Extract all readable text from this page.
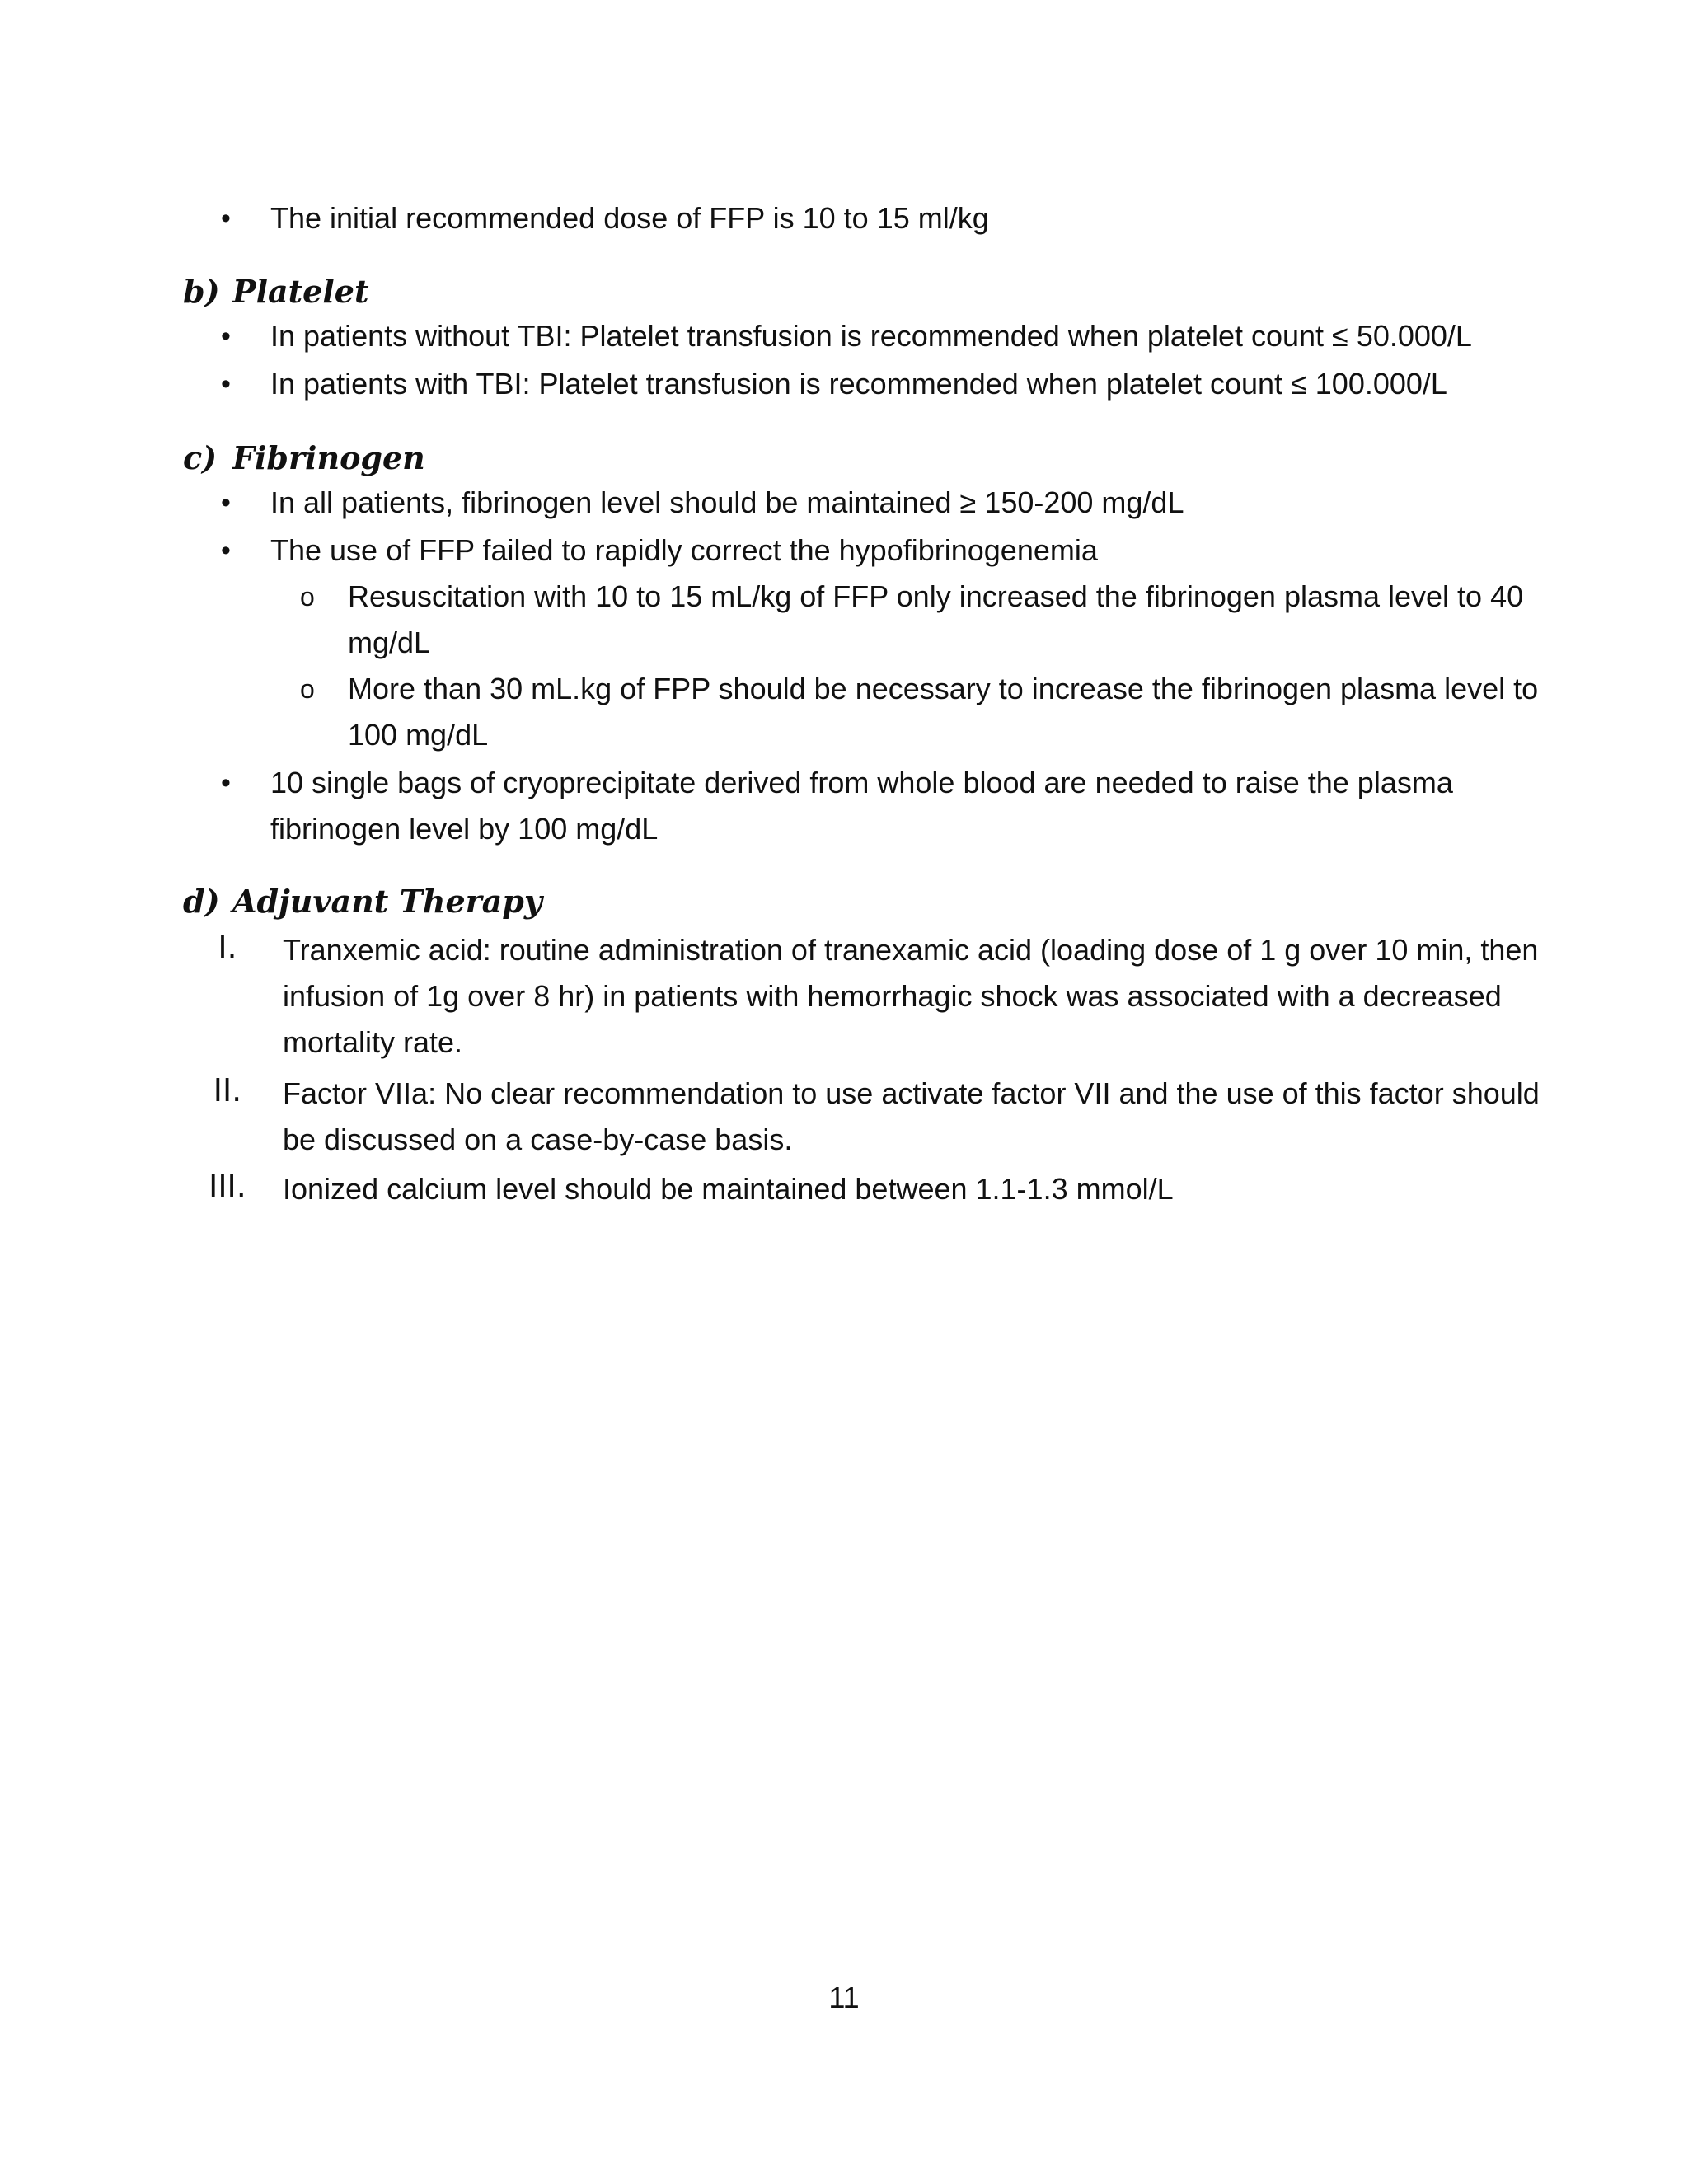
• The initial recommended dose of FFP is 10 to 15 ml/kg
b) Platelet
• In patients without TBI: Platelet transfusion is recommended when platelet count ≤ 50.000/L
• In patients with TBI: Platelet transfusion is recommended when platelet count ≤ 100.000/L
c) Fibrinogen
• In all patients, fibrinogen level should be maintained ≥ 150-200 mg/dL
• The use of FFP failed to rapidly correct the hypofibrinogenemia
o Resuscitation with 10 to 15 mL/kg of FFP only increased the fibrinogen plasma level to 40 mg/dL
o More than 30 mL.kg of FPP should be necessary to increase the fibrinogen plasma level to 100 mg/dL
• 10 single bags of cryoprecipitate derived from whole blood are needed to raise the plasma fibrinogen level by 100 mg/dL
d) Adjuvant Therapy
I.	Tranxemic acid: routine administration of tranexamic acid (loading dose of 1 g over 10 min, then infusion of 1g over 8 hr) in patients with hemorrhagic shock was associated with a decreased mortality rate.
II.	Factor VIIa: No clear recommendation to use activate factor VII and the use of this factor should be discussed on a case-by-case basis.
III.	Ionized calcium level should be maintained between 1.1-1.3 mmol/L
11
